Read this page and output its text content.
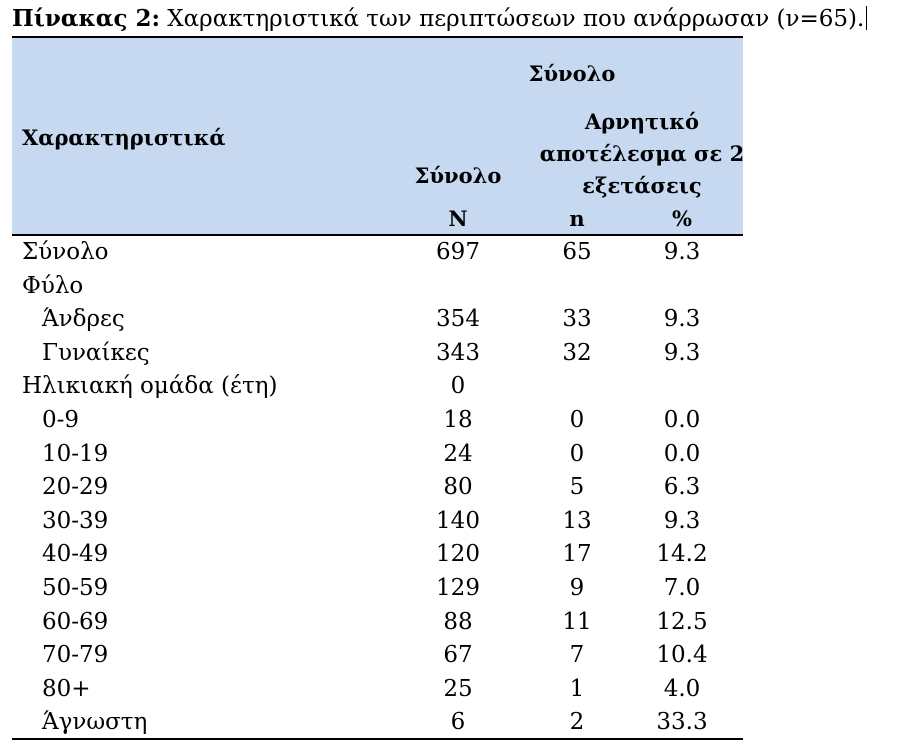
Πίνακας 2: Χαρακτηριστικά των περιπτώσεων που ανάρρωσαν (ν=65).
Σύνολο
Χαρακτηριστικά
Σύνολο
Αρνητικό αποτέλεσμα σε 2 εξετάσεις
N	n	%
Σύνολο	697	65	9.3
Φύλο
Άνδρες	354	33	9.3
Γυναίκες	343	32	9.3
Ηλικιακή ομάδα (έτη)	0
0-9	18	0	0.0
10-19	24	0	0.0
20-29	80	5	6.3
30-39	140	13	9.3
40-49	120	17	14.2
50-59	129	9	7.0
60-69	88	11	12.5
70-79	67	7	10.4
80+	25	1	4.0
Άγνωστη	6	2	33.3
